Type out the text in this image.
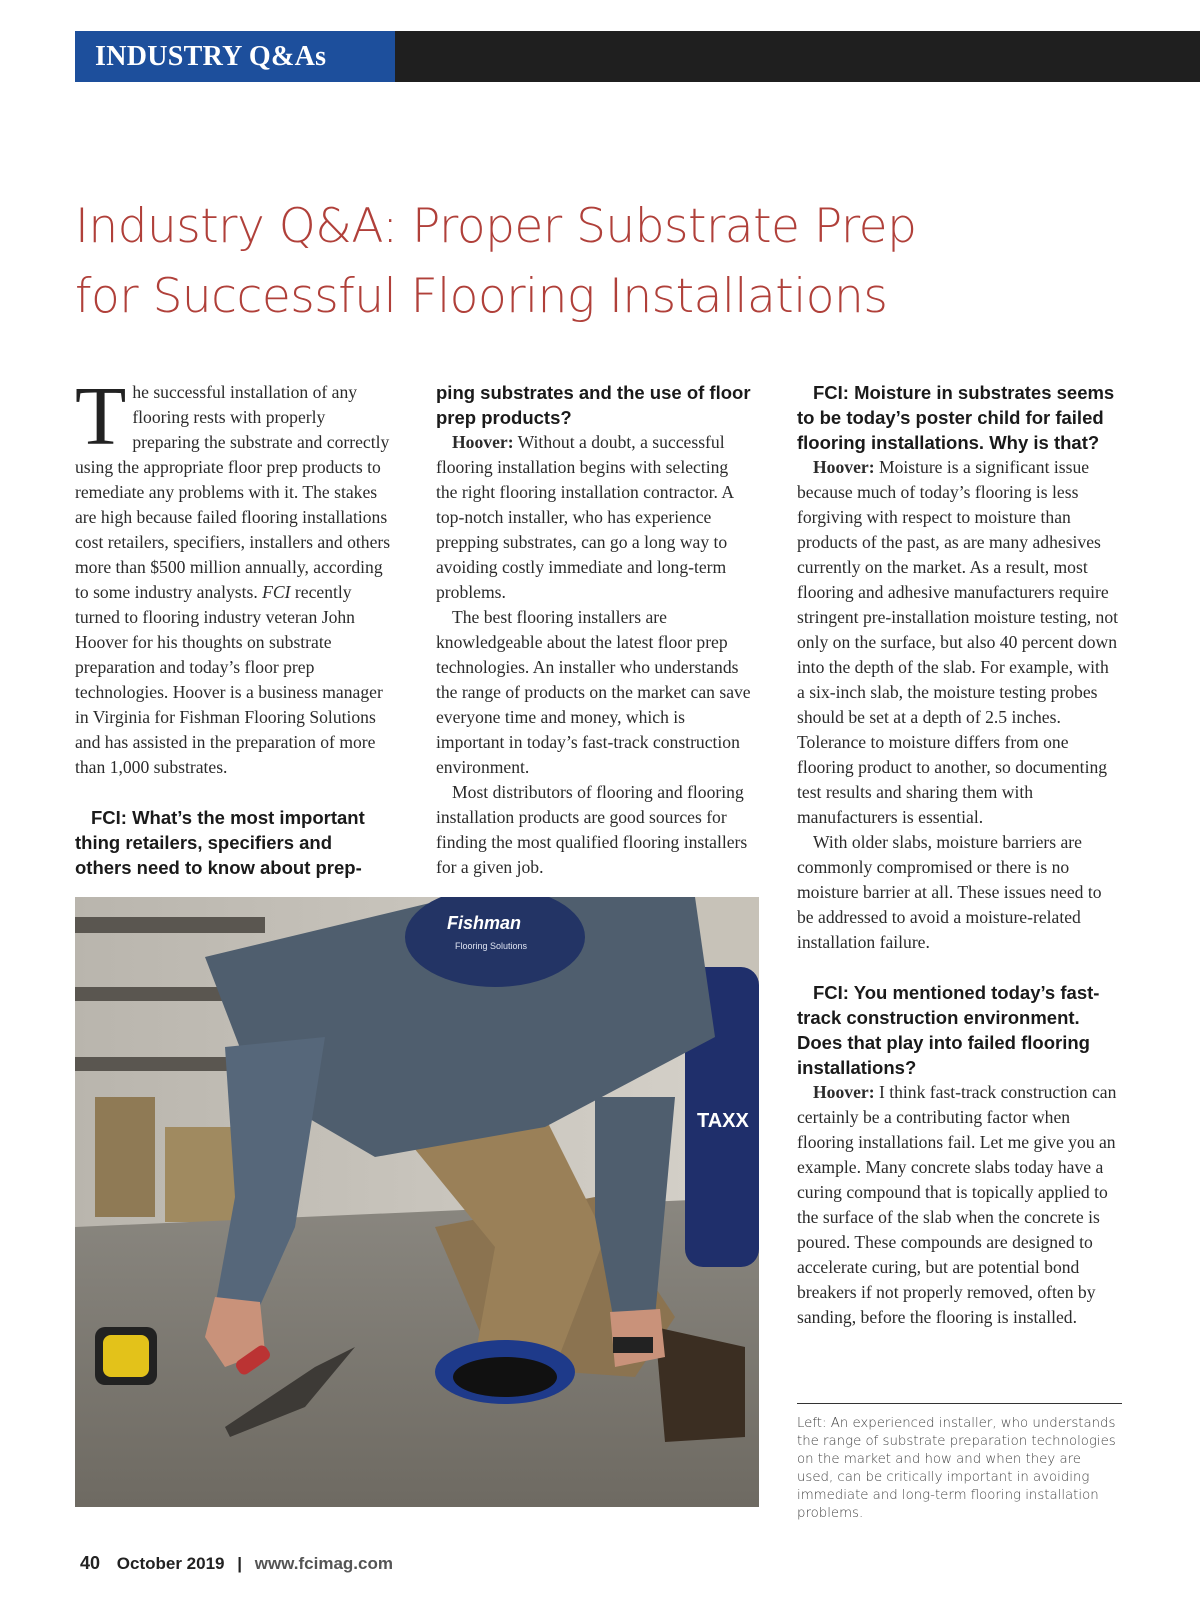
INDUSTRY Q&As
Industry Q&A: Proper Substrate Prep
for Successful Flooring Installations

The successful installation of any flooring rests with properly preparing the substrate and correctly using the appropriate floor prep products to remediate any problems with it. The stakes are high because failed flooring installations cost retailers, specifiers, installers and others more than $500 million annually, according to some industry analysts. FCI recently turned to flooring industry veteran John Hoover for his thoughts on substrate preparation and today’s floor prep technologies. Hoover is a business manager in Virginia for Fishman Flooring Solutions and has assisted in the preparation of more than 1,000 substrates.

FCI: What’s the most important thing retailers, specifiers and others need to know about prep-

ping substrates and the use of floor prep products?

Hoover: Without a doubt, a successful flooring installation begins with selecting the right flooring installation contractor. A top-notch installer, who has experience prepping substrates, can go a long way to avoiding costly immediate and long-term problems.

The best flooring installers are knowledgeable about the latest floor prep technologies. An installer who understands the range of products on the market can save everyone time and money, which is important in today’s fast-track construction environment.

Most distributors of flooring and flooring installation products are good sources for finding the most qualified flooring installers for a given job.

FCI: Moisture in substrates seems to be today’s poster child for failed flooring installations. Why is that?

Hoover: Moisture is a significant issue because much of today’s flooring is less forgiving with respect to moisture than products of the past, as are many adhesives currently on the market. As a result, most flooring and adhesive manufacturers require stringent pre-installation moisture testing, not only on the surface, but also 40 percent down into the depth of the slab. For example, with a six-inch slab, the moisture testing probes should be set at a depth of 2.5 inches. Tolerance to moisture differs from one flooring product to another, so documenting test results and sharing them with manufacturers is essential.

With older slabs, moisture barriers are commonly compromised or there is no moisture barrier at all. These issues need to be addressed to avoid a moisture-related installation failure.

FCI: You mentioned today’s fast-track construction environment. Does that play into failed flooring installations?

Hoover: I think fast-track construction can certainly be a contributing factor when flooring installations fail. Let me give you an example. Many concrete slabs today have a curing compound that is topically applied to the surface of the slab when the concrete is poured. These compounds are designed to accelerate curing, but are potential bond breakers if not properly removed, often by sanding, before the flooring is installed.

TAXX
Fishman
Flooring Solutions

Left: An experienced installer, who understands the range of substrate preparation technologies on the market and how and when they are used, can be critically important in avoiding immediate and long-term flooring installation problems.

40 October 2019 | www.fcimag.com
